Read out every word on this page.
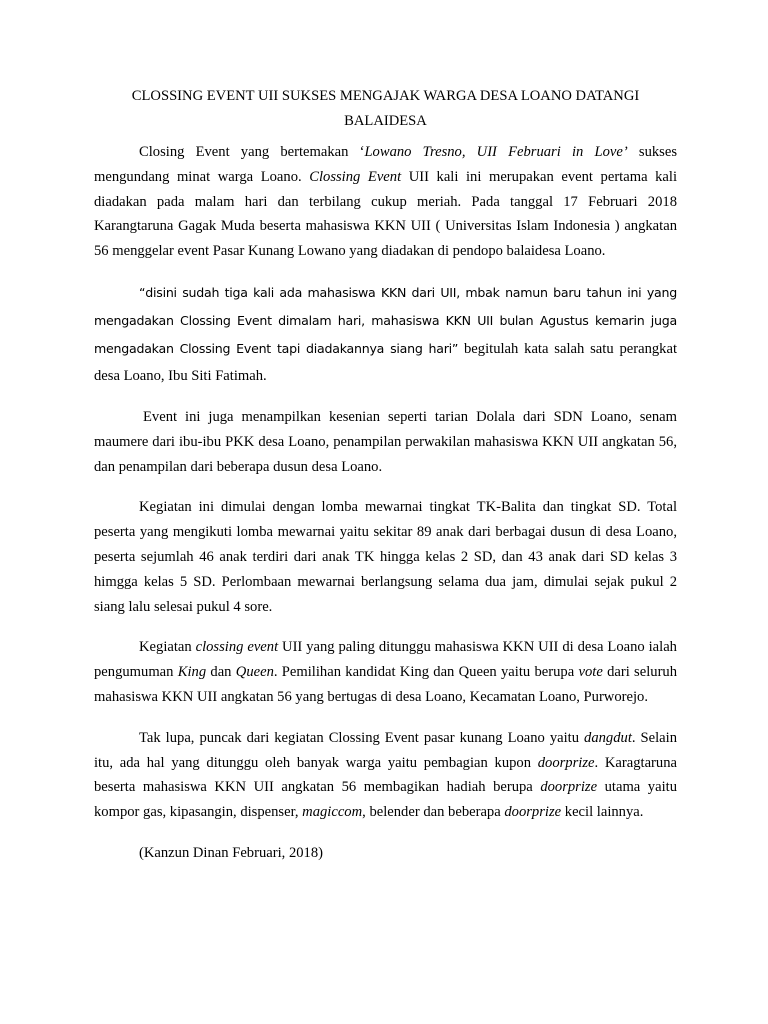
CLOSSING EVENT UII SUKSES MENGAJAK WARGA DESA LOANO DATANGI BALAIDESA

Closing Event yang bertemakan ‘Lowano Tresno, UII Februari in Love’ sukses mengundang minat warga Loano. Clossing Event UII kali ini merupakan event pertama kali diadakan pada malam hari dan terbilang cukup meriah. Pada tanggal 17 Februari 2018 Karangtaruna Gagak Muda beserta mahasiswa KKN UII ( Universitas Islam Indonesia ) angkatan 56 menggelar event Pasar Kunang Lowano yang diadakan di pendopo balaidesa Loano.

“disini sudah tiga kali ada mahasiswa KKN dari UII, mbak namun baru tahun ini yang mengadakan Clossing Event dimalam hari, mahasiswa KKN UII bulan Agustus kemarin juga mengadakan Clossing Event tapi diadakannya siang hari” begitulah kata salah satu perangkat desa Loano, Ibu Siti Fatimah.

Event ini juga menampilkan kesenian seperti tarian Dolala dari SDN Loano, senam maumere dari ibu-ibu PKK desa Loano, penampilan perwakilan mahasiswa KKN UII angkatan 56, dan penampilan dari beberapa dusun desa Loano.

Kegiatan ini dimulai dengan lomba mewarnai tingkat TK-Balita dan tingkat SD. Total peserta yang mengikuti lomba mewarnai yaitu sekitar 89 anak dari berbagai dusun di desa Loano, peserta sejumlah 46 anak terdiri dari anak TK hingga kelas 2 SD, dan 43 anak dari SD kelas 3 himgga kelas 5 SD. Perlombaan mewarnai berlangsung selama dua jam, dimulai sejak pukul 2 siang lalu selesai pukul 4 sore.

Kegiatan clossing event UII yang paling ditunggu mahasiswa KKN UII di desa Loano ialah pengumuman King dan Queen. Pemilihan kandidat King dan Queen yaitu berupa vote dari seluruh mahasiswa KKN UII angkatan 56 yang bertugas di desa Loano, Kecamatan Loano, Purworejo.

Tak lupa, puncak dari kegiatan Clossing Event pasar kunang Loano yaitu dangdut. Selain itu, ada hal yang ditunggu oleh banyak warga yaitu pembagian kupon doorprize. Karagtaruna beserta mahasiswa KKN UII angkatan 56 membagikan hadiah berupa doorprize utama yaitu kompor gas, kipasangin, dispenser, magiccom, belender dan beberapa doorprize kecil lainnya.

(Kanzun Dinan Februari, 2018)
